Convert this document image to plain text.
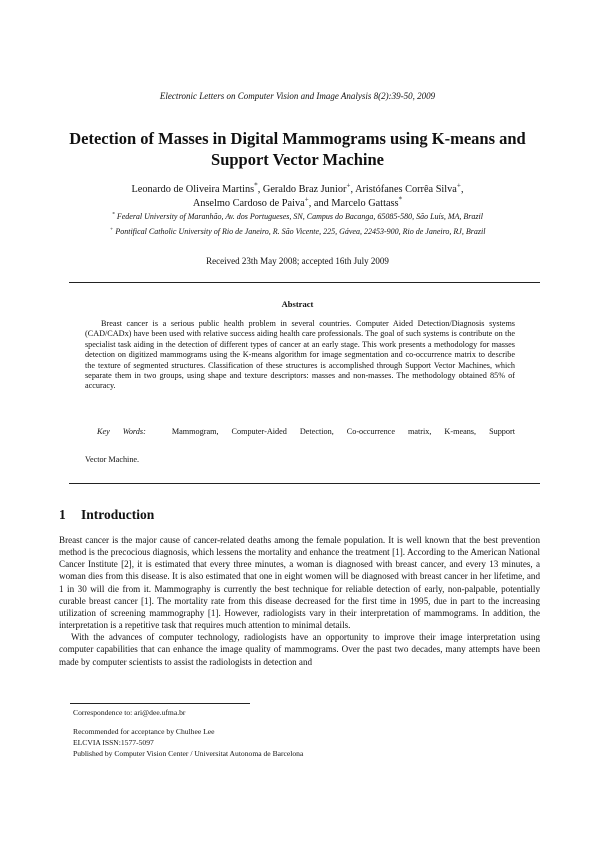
Electronic Letters on Computer Vision and Image Analysis 8(2):39-50, 2009
Detection of Masses in Digital Mammograms using K-means and
Support Vector Machine
Leonardo de Oliveira Martins*, Geraldo Braz Junior+, Aristófanes Corrêa Silva+,
Anselmo Cardoso de Paiva+, and Marcelo Gattass*
* Federal University of Maranhão, Av. dos Portugueses, SN, Campus do Bacanga, 65085-580, São Luís, MA, Brazil
+ Pontifical Catholic University of Rio de Janeiro, R. São Vicente, 225, Gávea, 22453-900, Rio de Janeiro, RJ, Brazil
Received 23th May 2008; accepted 16th July 2009
Abstract
Breast cancer is a serious public health problem in several countries. Computer Aided Detection/Diagnosis systems (CAD/CADx) have been used with relative success aiding health care professionals. The goal of such systems is contribute on the specialist task aiding in the detection of different types of cancer at an early stage. This work presents a methodology for masses detection on digitized mammograms using the K-means algorithm for image segmentation and co-occurrence matrix to describe the texture of segmented structures. Classification of these structures is accomplished through Support Vector Machines, which separate them in two groups, using shape and texture descriptors: masses and non-masses. The methodology obtained 85% of accuracy.
Key Words:	Mammogram, Computer-Aided Detection, Co-occurrence matrix, K-means, Support
Vector Machine.
1 Introduction

Breast cancer is the major cause of cancer-related deaths among the female population. It is well known that the best prevention method is the precocious diagnosis, which lessens the mortality and enhance the treatment [1]. According to the American National Cancer Institute [2], it is estimated that every three minutes, a woman is diagnosed with breast cancer, and every 13 minutes, a woman dies from this disease. It is also estimated that one in eight women will be diagnosed with breast cancer in her lifetime, and 1 in 30 will die from it. Mammography is currently the best technique for reliable detection of early, non-palpable, potentially curable breast cancer [1]. The mortality rate from this disease decreased for the first time in 1995, due in part to the increasing utilization of screening mammography [1]. However, radiologists vary in their interpretation of mammograms. In addition, the interpretation is a repetitive task that requires much attention to minimal details.

With the advances of computer technology, radiologists have an opportunity to improve their image interpretation using computer capabilities that can enhance the image quality of mammograms. Over the past two decades, many attempts have been made by computer scientists to assist the radiologists in detection and

Correspondence to: ari@dee.ufma.br
Recommended for acceptance by Chulhee Lee
ELCVIA ISSN:1577-5097
Published by Computer Vision Center / Universitat Autonoma de Barcelona
